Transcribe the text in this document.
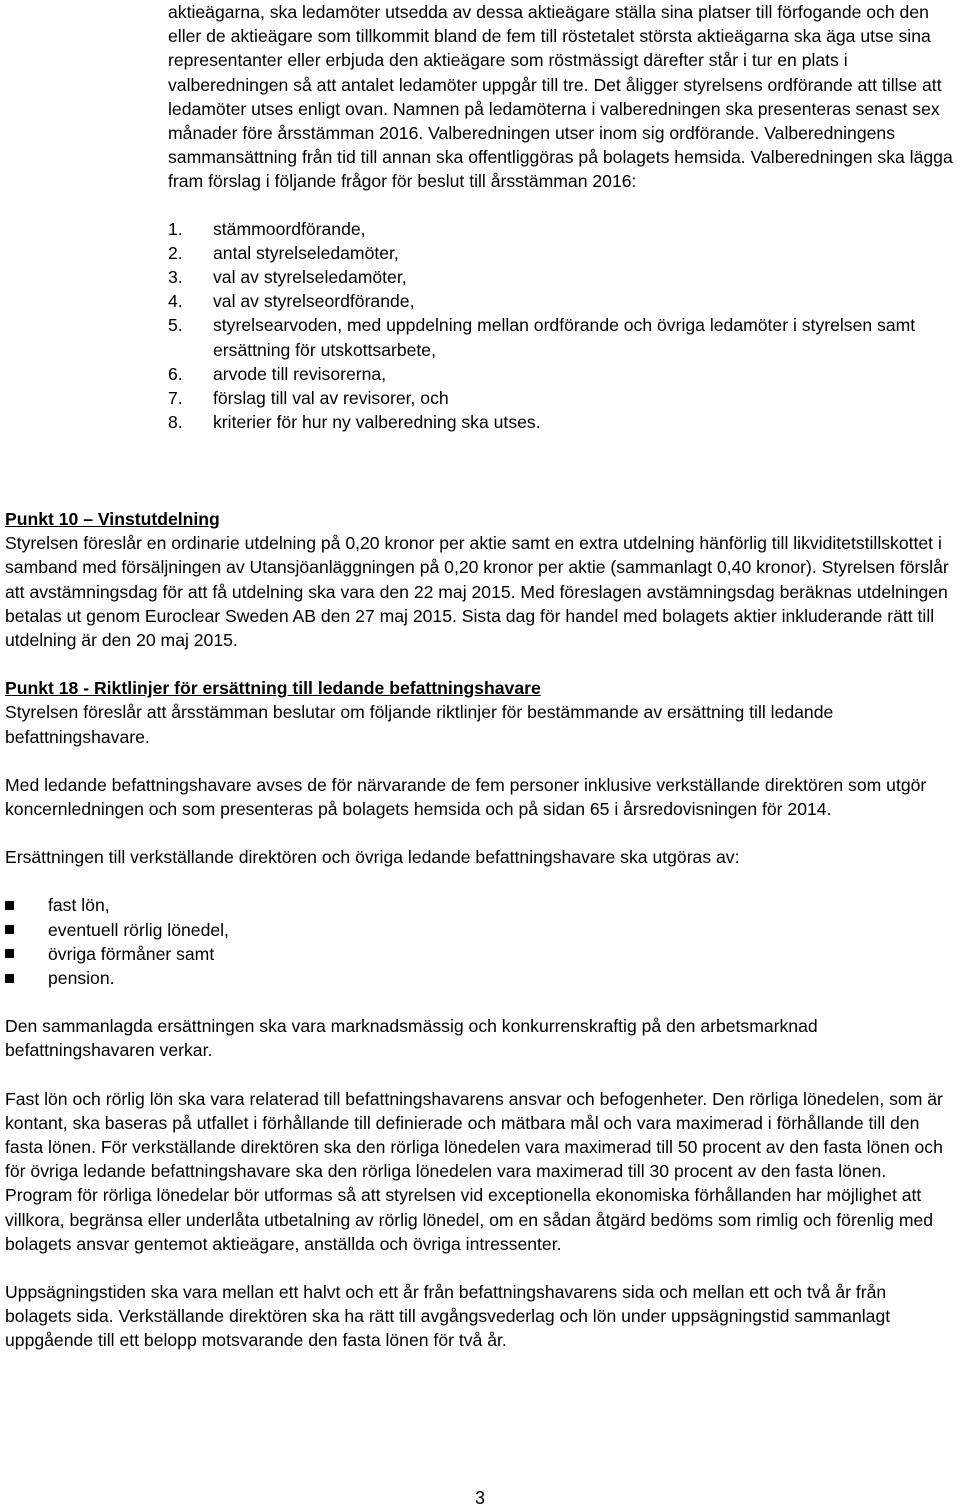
aktieägarna, ska ledamöter utsedda av dessa aktieägare ställa sina platser till förfogande och den eller de aktieägare som tillkommit bland de fem till röstetalet största aktieägarna ska äga utse sina representanter eller erbjuda den aktieägare som röstmässigt därefter står i tur en plats i valberedningen så att antalet ledamöter uppgår till tre. Det åligger styrelsens ordförande att tillse att ledamöter utses enligt ovan. Namnen på ledamöterna i valberedningen ska presenteras senast sex månader före årsstämman 2016. Valberedningen utser inom sig ordförande. Valberedningens sammansättning från tid till annan ska offentliggöras på bolagets hemsida. Valberedningen ska lägga fram förslag i följande frågor för beslut till årsstämman 2016:

1.	stämmoordförande,
2.	antal styrelseledamöter,
3.	val av styrelseledamöter,
4.	val av styrelseordförande,
5.	styrelsearvoden, med uppdelning mellan ordförande och övriga ledamöter i styrelsen samt ersättning för utskottsarbete,
6.	arvode till revisorerna,
7.	förslag till val av revisorer, och
8.	kriterier för hur ny valberedning ska utses.

Punkt 10 – Vinstutdelning

Styrelsen föreslår en ordinarie utdelning på 0,20 kronor per aktie samt en extra utdelning hänförlig till likviditetstillskottet i samband med försäljningen av Utansjöanläggningen på 0,20 kronor per aktie (sammanlagt 0,40 kronor). Styrelsen förslår att avstämningsdag för att få utdelning ska vara den 22 maj 2015. Med föreslagen avstämningsdag beräknas utdelningen betalas ut genom Euroclear Sweden AB den 27 maj 2015. Sista dag för handel med bolagets aktier inkluderande rätt till utdelning är den 20 maj 2015.

Punkt 18 - Riktlinjer för ersättning till ledande befattningshavare

Styrelsen föreslår att årsstämman beslutar om följande riktlinjer för bestämmande av ersättning till ledande befattningshavare.

Med ledande befattningshavare avses de för närvarande de fem personer inklusive verkställande direktören som utgör koncernledningen och som presenteras på bolagets hemsida och på sidan 65 i årsredovisningen för 2014.

Ersättningen till verkställande direktören och övriga ledande befattningshavare ska utgöras av:

fast lön,
eventuell rörlig lönedel,
övriga förmåner samt
pension.

Den sammanlagda ersättningen ska vara marknadsmässig och konkurrenskraftig på den arbetsmarknad befattningshavaren verkar.

Fast lön och rörlig lön ska vara relaterad till befattningshavarens ansvar och befogenheter. Den rörliga lönedelen, som är kontant, ska baseras på utfallet i förhållande till definierade och mätbara mål och vara maximerad i förhållande till den fasta lönen. För verkställande direktören ska den rörliga lönedelen vara maximerad till 50 procent av den fasta lönen och för övriga ledande befattningshavare ska den rörliga lönedelen vara maximerad till 30 procent av den fasta lönen. Program för rörliga lönedelar bör utformas så att styrelsen vid exceptionella ekonomiska förhållanden har möjlighet att villkora, begränsa eller underlåta utbetalning av rörlig lönedel, om en sådan åtgärd bedöms som rimlig och förenlig med bolagets ansvar gentemot aktieägare, anställda och övriga intressenter.

Uppsägningstiden ska vara mellan ett halvt och ett år från befattningshavarens sida och mellan ett och två år från bolagets sida. Verkställande direktören ska ha rätt till avgångsvederlag och lön under uppsägningstid sammanlagt uppgående till ett belopp motsvarande den fasta lönen för två år.

3
